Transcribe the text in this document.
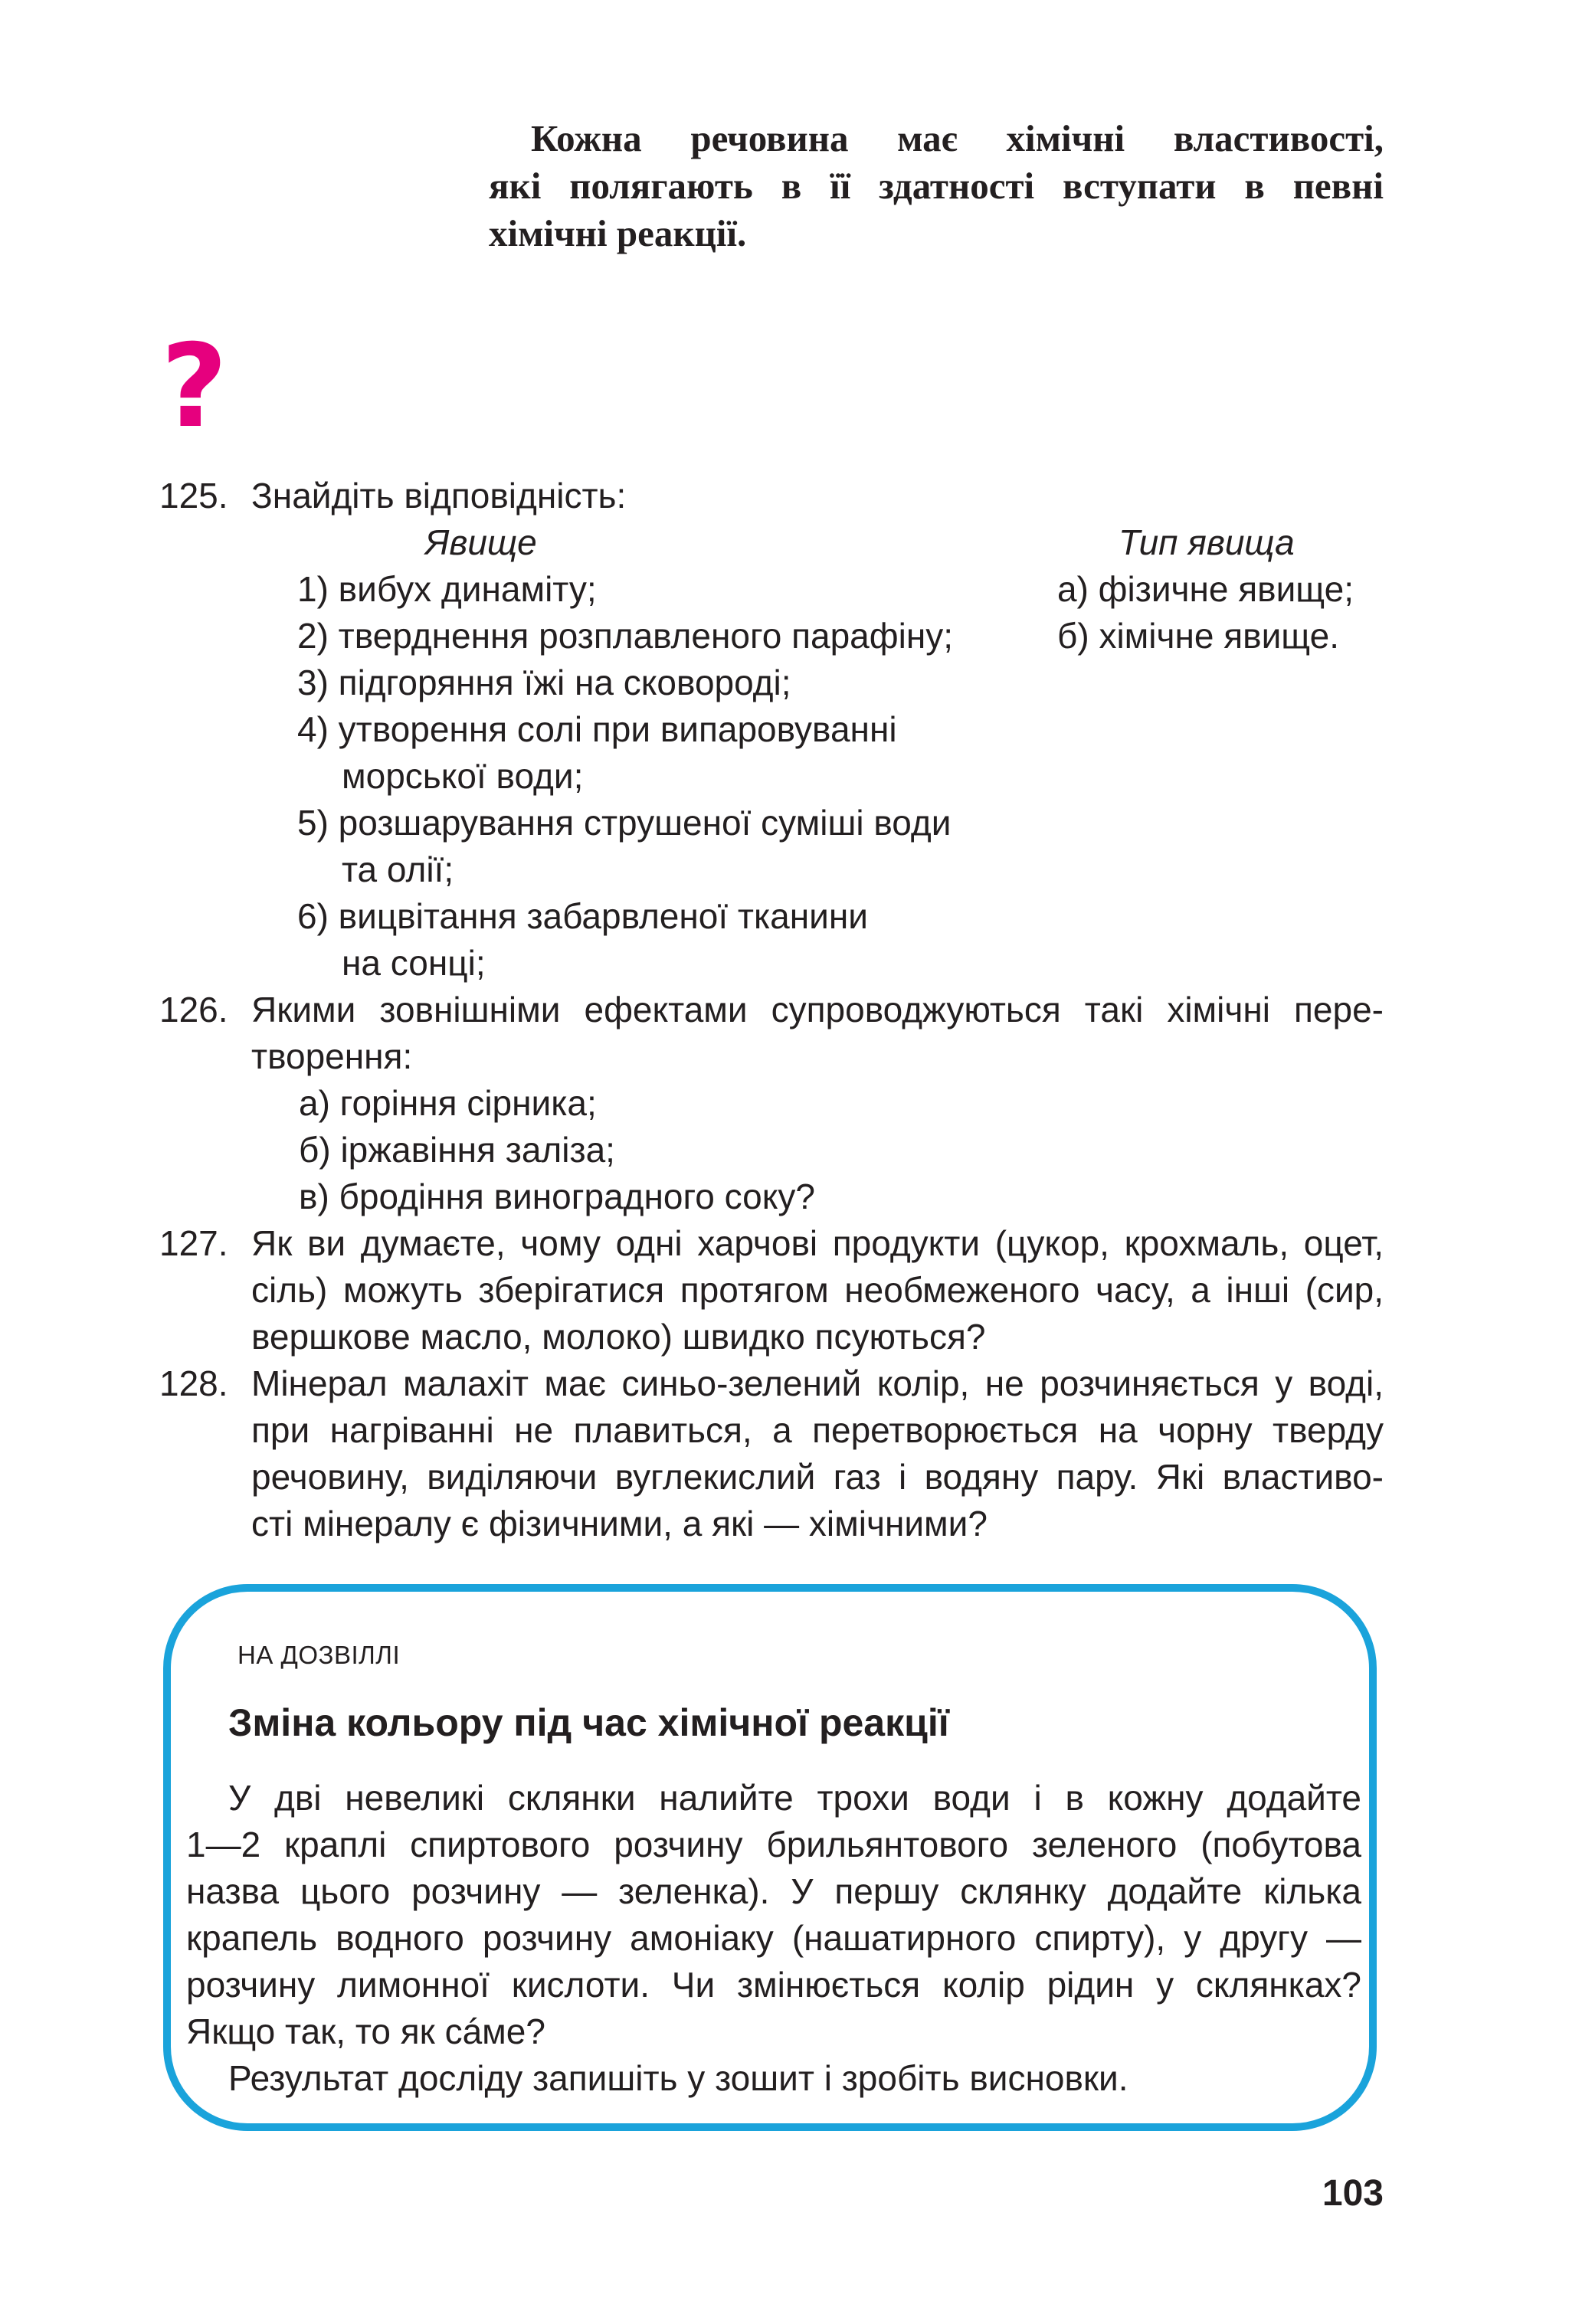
Кожна речовина має хімічні властивості,
які полягають в її здатності вступати в певні
хімічні реакції.
?
125. Знайдіть відповідність:
Явище	Тип явища
1) вибух динаміту;
2) тверднення розплавленого парафіну;
3) підгоряння їжі на сковороді;
4) утворення солі при випаровуванні
морської води;
5) розшарування струшеної суміші води
та олії;
6) вицвітання забарвленої тканини
на сонці;
а) фізичне явище;
б) хімічне явище.
126. Якими зовнішніми ефектами супроводжуються такі хімічні пере-
творення:
а) горіння сірника;
б) іржавіння заліза;
в) бродіння виноградного соку?
127. Як ви думаєте, чому одні харчові продукти (цукор, крохмаль, оцет,
сіль) можуть зберігатися протягом необмеженого часу, а інші (сир,
вершкове масло, молоко) швидко псуються?
128. Мінерал малахіт має синьо-зелений колір, не розчиняється у воді,
при нагріванні не плавиться, а перетворюється на чорну тверду
речовину, виділяючи вуглекислий газ і водяну пару. Які властиво-
сті мінералу є фізичними, а які — хімічними?
НА ДОЗВІЛЛІ
Зміна кольору під час хімічної реакції
У дві невеликі склянки налийте трохи води і в кожну додайте
1—2 краплі спиртового розчину брильянтового зеленого (побутова
назва цього розчину — зеленка). У першу склянку додайте кілька
крапель водного розчину амоніаку (нашатирного спирту), у другу —
розчину лимонної кислоти. Чи змінюється колір рідин у склянках?
Якщо так, то як сáме?
Результат досліду запишіть у зошит і зробіть висновки.
103
